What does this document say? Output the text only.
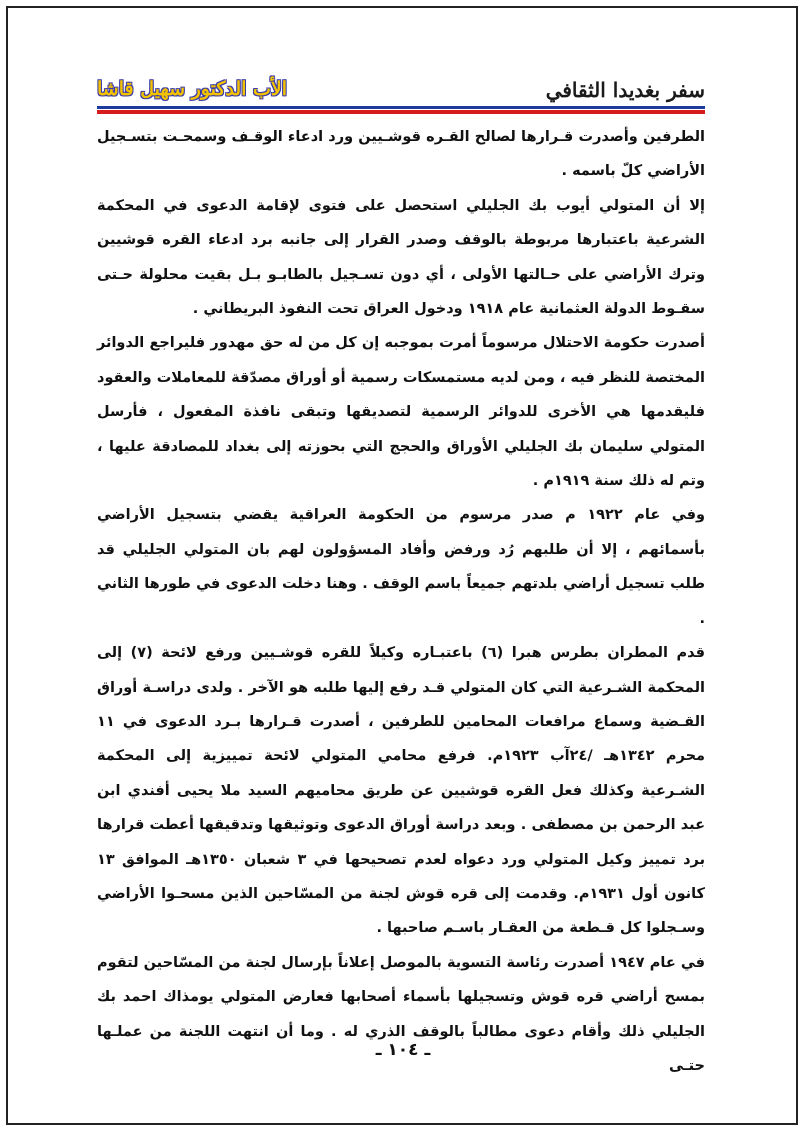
سفر بغديدا الثقافي
الأب الدكتور سهيل قاشا

الطرفين وأصدرت قـرارها لصالح القـره قوشـيين ورد ادعاء الوقـف وسمحـت بتسـجيل الأراضي كلّ باسمه .

إلا أن المتولي أيوب بك الجليلي استحصل على فتوى لإقامة الدعوى في المحكمة الشرعية باعتبارها مربوطة بالوقف وصدر القرار إلى جانبه برد ادعاء القره قوشيين وترك الأراضي على حـالتها الأولى ، أي دون تسـجيل بالطابـو بـل بقيت محلولة حـتى سقـوط الدولة العثمانية عام ١٩١٨ ودخول العراق تحت النفوذ البريطاني .

أصدرت حكومة الاحتلال مرسوماً أمرت بموجبه إن كل من له حق مهدور فليراجع الدوائر المختصة للنظر فيه ، ومن لديه مستمسكات رسمية أو أوراق مصدّقة للمعاملات والعقود فليقدمها هي الأخرى للدوائر الرسمية لتصديقها وتبقى نافذة المفعول ، فأرسل المتولي سليمان بك الجليلي الأوراق والحجج التي بحوزته إلى بغداد للمصادقة عليها ، وتم له ذلك سنة ١٩١٩م .

وفي عام ١٩٢٢ م صدر مرسوم من الحكومة العراقية يقضي بتسجيل الأراضي بأسمائهم ، إلا أن طلبهم رُد ورفض وأفاد المسؤولون لهم بان المتولي الجليلي قد طلب تسجيل أراضي بلدتهم جميعاً باسم الوقف . وهنا دخلت الدعوى في طورها الثاني .

قدم المطران بطرس هبرا (٦) باعتبـاره وكيلاً للقره قوشـيين ورفع لائحة (٧) إلى المحكمة الشـرعية التي كان المتولي قـد رفع إليها طلبه هو الآخر . ولدى دراسـة أوراق القـضية وسماع مرافعات المحامين للطرفين ، أصدرت قـرارها بـرد الدعوى في ١١ محرم ١٣٤٢هـ /٢٤آب ١٩٢٣م. فرفع محامي المتولي لائحة تمييزية إلى المحكمة الشـرعية وكذلك فعل القره قوشيين عن طريق محاميهم السيد ملا يحيى أفندي ابن عبد الرحمن بن مصطفى . وبعد دراسة أوراق الدعوى وتوثيقها وتدقيقها أعطت قرارها برد تمييز وكيل المتولي ورد دعواه لعدم تصحيحها في ٣ شعبان ١٣٥٠هـ الموافق ١٣ كانون أول ١٩٣١م. وقدمت إلى قره قوش لجنة من المسّاحين الذين مسحـوا الأراضي وسـجلوا كل قـطعة من العقـار باسـم صاحبها .

في عام ١٩٤٧ أصدرت رئاسة التسوية بالموصل إعلاناً بإرسال لجنة من المسّاحين لتقوم بمسح أراضي قره قوش وتسجيلها بأسماء أصحابها فعارض المتولي يومذاك احمد بك الجليلي ذلك وأقام دعوى مطالباً بالوقف الذري له . وما أن انتهت اللجنة من عملـها حتـى

ـ ١٠٤ ـ
